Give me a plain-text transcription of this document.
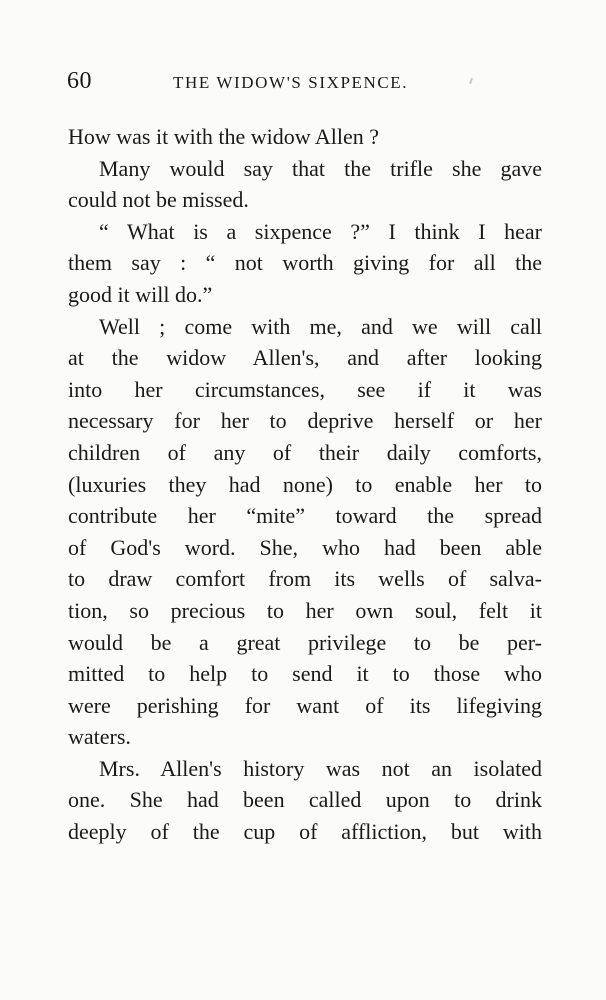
60	THE WIDOW'S SIXPENCE.
How was it with the widow Allen ?
Many would say that the trifle she gave
could not be missed.
“ What is a sixpence ?” I think I hear
them say : “ not worth giving for all the
good it will do.”
Well ; come with me, and we will call
at the widow Allen's, and after looking
into her circumstances, see if it was
necessary for her to deprive herself or her
children of any of their daily comforts,
(luxuries they had none) to enable her to
contribute her “mite” toward the spread
of God's word. She, who had been able
to draw comfort from its wells of salva-
tion, so precious to her own soul, felt it
would be a great privilege to be per-
mitted to help to send it to those who
were perishing for want of its lifegiving
waters.
Mrs. Allen's history was not an isolated
one. She had been called upon to drink
deeply of the cup of affliction, but with
